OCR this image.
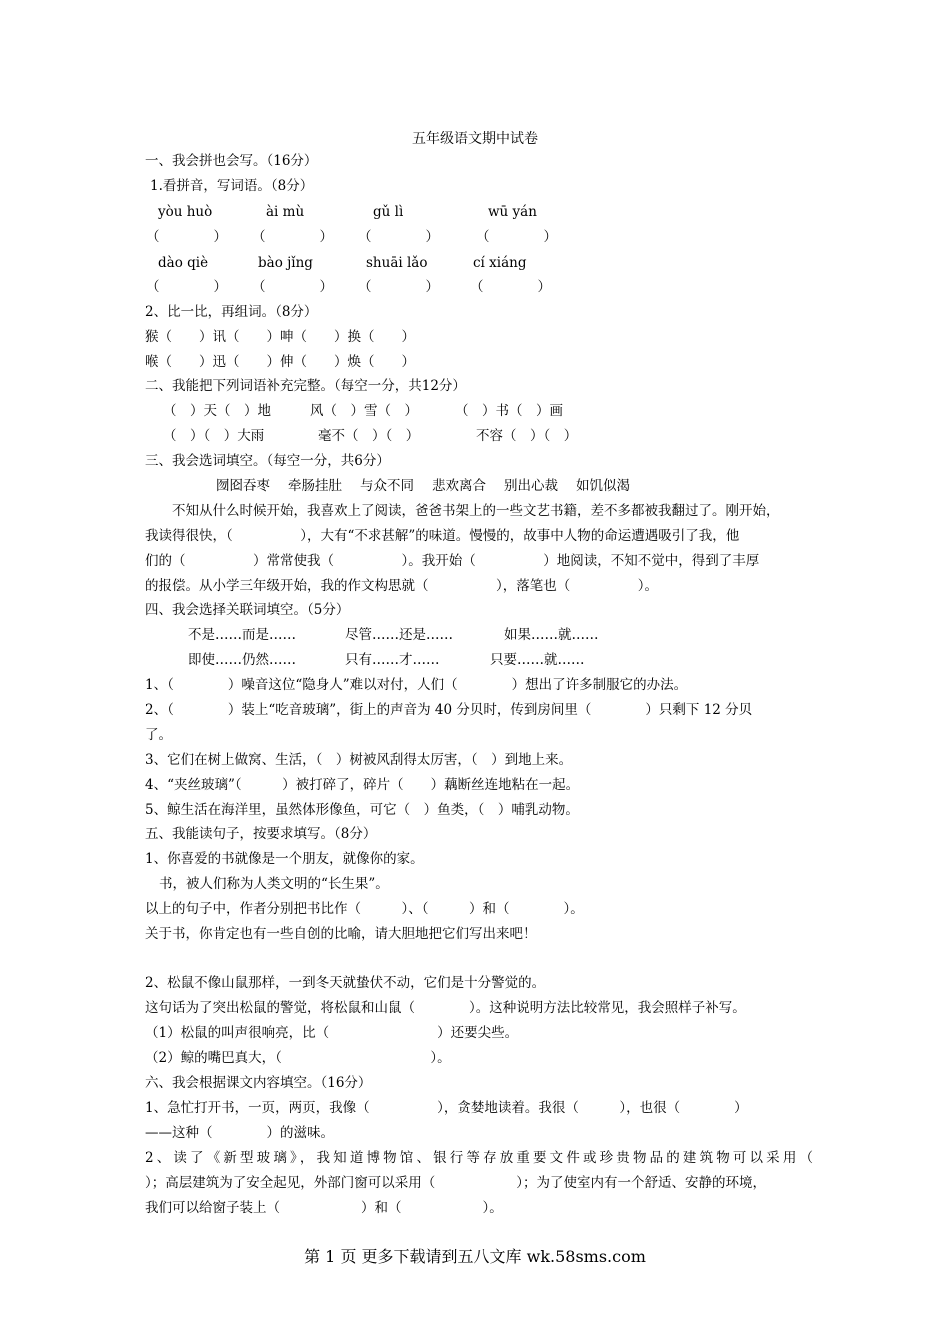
五年级语文期中试卷
一、我会拼也会写。（16分）
1.看拼音，写词语。（8分）
yòu huò	ài mù	gǔ lì	wū yán
（　　　　） （　　　　） （　　　　）	（　　　　）
dào qiè	bào jǐng	shuāi lǎo	cí xiáng
（　　　　） （　　　　） （　　　　） （　　　　）
2、比一比，再组词。（8分）
猴（　　）讯（　　）呻（　　）换（　　）
喉（　　）迅（　　）伸（　　）焕（　　）
二、我能把下列词语补充完整。（每空一分，共12分）
（　）天（　）地	风（　）雪（　）	（　）书（　）画
（　）（　）大雨	毫不（　）（　）	不容（　）（　）
三、我会选词填空。（每空一分，共6分）
囫囵吞枣 牵肠挂肚 与众不同 悲欢离合 别出心裁 如饥似渴
不知从什么时候开始，我喜欢上了阅读，爸爸书架上的一些文艺书籍，差不多都被我翻过了。刚开始，
我读得很快，（　　　　　），大有“不求甚解”的味道。慢慢的，故事中人物的命运遭遇吸引了我，他
们的（　　　　　）常常使我（　　　　　）。我开始（　　　　　）地阅读，不知不觉中，得到了丰厚
的报偿。从小学三年级开始，我的作文构思就（　　　　　），落笔也（　　　　　）。
四、我会选择关联词填空。（5分）
不是……而是……	尽管……还是……	如果……就……
即使……仍然……	只有……才……	只要……就……
1、（　　　　）噪音这位“隐身人”难以对付，人们（　　　　）想出了许多制服它的办法。
2、（　　　　）装上“吃音玻璃”，街上的声音为 40 分贝时，传到房间里（　　　　）只剩下 12 分贝
了。
3、它们在树上做窝、生活，（　）树被风刮得太厉害，（　）到地上来。
4、“夹丝玻璃”（　　　）被打碎了，碎片（　　）藕断丝连地粘在一起。
5、鲸生活在海洋里，虽然体形像鱼，可它（　）鱼类，（　）哺乳动物。
五、我能读句子，按要求填写。（8分）
1、你喜爱的书就像是一个朋友，就像你的家。
书，被人们称为人类文明的“长生果”。
以上的句子中，作者分别把书比作（　　　）、（　　　）和（　　　　）。
关于书，你肯定也有一些自创的比喻，请大胆地把它们写出来吧！
2、松鼠不像山鼠那样，一到冬天就蛰伏不动，它们是十分警觉的。
这句话为了突出松鼠的警觉，将松鼠和山鼠（　　　　）。这种说明方法比较常见，我会照样子补写。
（1）松鼠的叫声很响亮，比（　　　　　　　　）还要尖些。
（2）鲸的嘴巴真大，（　　　　　　　　　　　）。
六、我会根据课文内容填空。（16分）
1、急忙打开书，一页，两页，我像（　　　　　），贪婪地读着。我很（　　　），也很（　　　　）
——这种（　　　　）的滋味。
2、读了《新型玻璃》，我知道博物馆、银行等存放重要文件或珍贵物品的建筑物可以采用（
）；高层建筑为了安全起见，外部门窗可以采用（　　　　　　）；为了使室内有一个舒适、安静的环境，
我们可以给窗子装上（　　　　　　）和（　　　　　　）。
第 1 页 更多下载请到五八文库 wk.58sms.com
